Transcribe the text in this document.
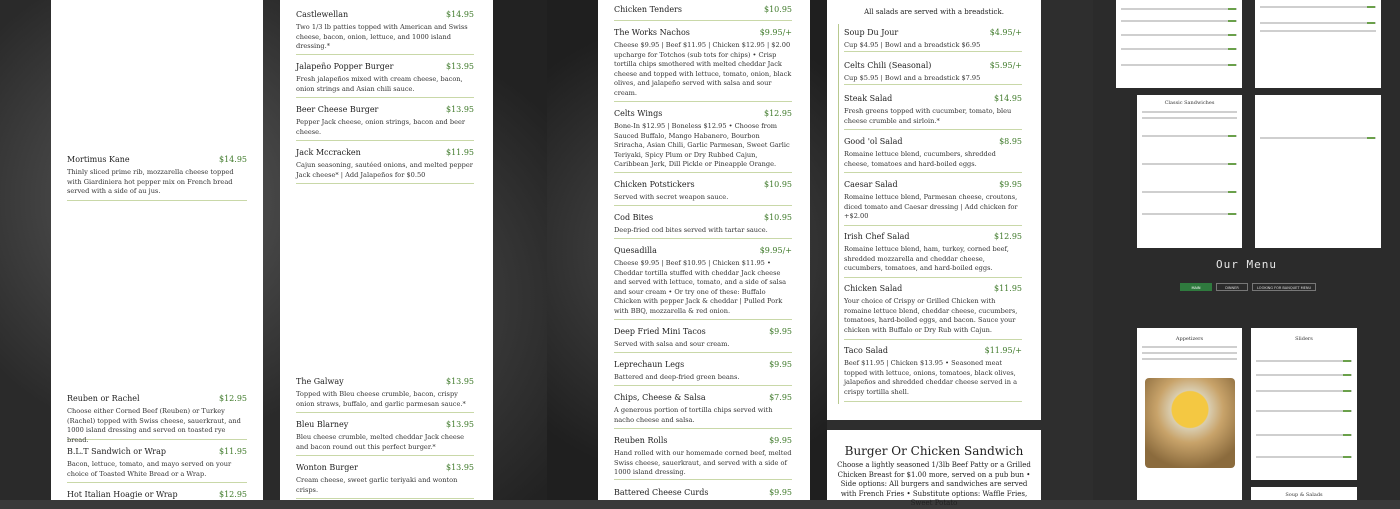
Mortimus Kane	$14.95
Thinly sliced prime rib, mozzarella cheese topped with Giardiniera hot pepper mix on French bread served with a side of au jus.
Reuben or Rachel	$12.95
Choose either Corned Beef (Reuben) or Turkey (Rachel) topped with Swiss cheese, sauerkraut, and 1000 island dressing and served on toasted rye bread.
B.L.T Sandwich or Wrap	$11.95
Bacon, lettuce, tomato, and mayo served on your choice of Toasted White Bread or a Wrap.
Hot Italian Hoagie or Wrap	$12.95
Castlewellan	$14.95
Two 1/3 lb patties topped with American and Swiss cheese, bacon, onion, lettuce, and 1000 island dressing.*
Jalapeño Popper Burger	$13.95
Fresh jalapeños mixed with cream cheese, bacon, onion strings and Asian chili sauce.
Beer Cheese Burger	$13.95
Pepper Jack cheese, onion strings, bacon and beer cheese.
Jack Mccracken	$11.95
Cajun seasoning, sautéed onions, and melted pepper Jack cheese* | Add Jalapeños for $0.50
The Galway	$13.95
Topped with Bleu cheese crumble, bacon, crispy onion straws, buffalo, and garlic parmesan sauce.*
Bleu Blarney	$13.95
Bleu cheese crumble, melted cheddar Jack cheese and bacon round out this perfect burger.*
Wonton Burger	$13.95
Cream cheese, sweet garlic teriyaki and wonton crisps.
Chicken Tenders	$10.95
The Works Nachos	$9.95/+
Cheese $9.95 | Beef $11.95 | Chicken $12.95 | $2.00 upcharge for Totchos (sub tots for chips) • Crisp tortilla chips smothered with melted cheddar Jack cheese and topped with lettuce, tomato, onion, black olives, and jalapeño served with salsa and sour cream.
Celts Wings	$12.95
Bone-In $12.95 | Boneless $12.95 • Choose from Sauced Buffalo, Mango Habanero, Bourbon Sriracha, Asian Chili, Garlic Parmesan, Sweet Garlic Teriyaki, Spicy Plum or Dry Rubbed Cajun, Caribbean Jerk, Dill Pickle or Pineapple Orange.
Chicken Potstickers	$10.95
Served with secret weapon sauce.
Cod Bites	$10.95
Deep-fried cod bites served with tartar sauce.
Quesadilla	$9.95/+
Cheese $9.95 | Beef $10.95 | Chicken $11.95 • Cheddar tortilla stuffed with cheddar Jack cheese and served with lettuce, tomato, and a side of salsa and sour cream • Or try one of these: Buffalo Chicken with pepper Jack & cheddar | Pulled Pork with BBQ, mozzarella & red onion.
Deep Fried Mini Tacos	$9.95
Served with salsa and sour cream.
Leprechaun Legs	$9.95
Battered and deep-fried green beans.
Chips, Cheese & Salsa	$7.95
A generous portion of tortilla chips served with nacho cheese and salsa.
Reuben Rolls	$9.95
Hand rolled with our homemade corned beef, melted Swiss cheese, sauerkraut, and served with a side of 1000 island dressing.
Battered Cheese Curds	$9.95
All salads are served with a breadstick.
Soup Du Jour	$4.95/+
Cup $4.95 | Bowl and a breadstick $6.95
Celts Chili (Seasonal)	$5.95/+
Cup $5.95 | Bowl and a breadstick $7.95
Steak Salad	$14.95
Fresh greens topped with cucumber, tomato, bleu cheese crumble and sirloin.*
Good 'ol Salad	$8.95
Romaine lettuce blend, cucumbers, shredded cheese, tomatoes and hard-boiled eggs.
Caesar Salad	$9.95
Romaine lettuce blend, Parmesan cheese, croutons, diced tomato and Caesar dressing | Add chicken for +$2.00
Irish Chef Salad	$12.95
Romaine lettuce blend, ham, turkey, corned beef, shredded mozzarella and cheddar cheese, cucumbers, tomatoes, and hard-boiled eggs.
Chicken Salad	$11.95
Your choice of Crispy or Grilled Chicken with romaine lettuce blend, cheddar cheese, cucumbers, tomatoes, hard-boiled eggs, and bacon. Sauce your chicken with Buffalo or Dry Rub with Cajun.
Taco Salad	$11.95/+
Beef $11.95 | Chicken $13.95 • Seasoned meat topped with lettuce, onions, tomatoes, black olives, jalapeños and shredded cheddar cheese served in a crispy tortilla shell.
Burger Or Chicken Sandwich
Choose a lightly seasoned 1/3lb Beef Patty or a Grilled Chicken Breast for $1.00 more, served on a pub bun • Side options: All burgers and sandwiches are served with French Fries • Substitute options: Waffle Fries, Sweet Potato
Classic Sandwiches
Our Menu
MAIN	DINNER	LOOKING FOR BANQUET MENU
Appetizers	Sliders
Soup & Salads
